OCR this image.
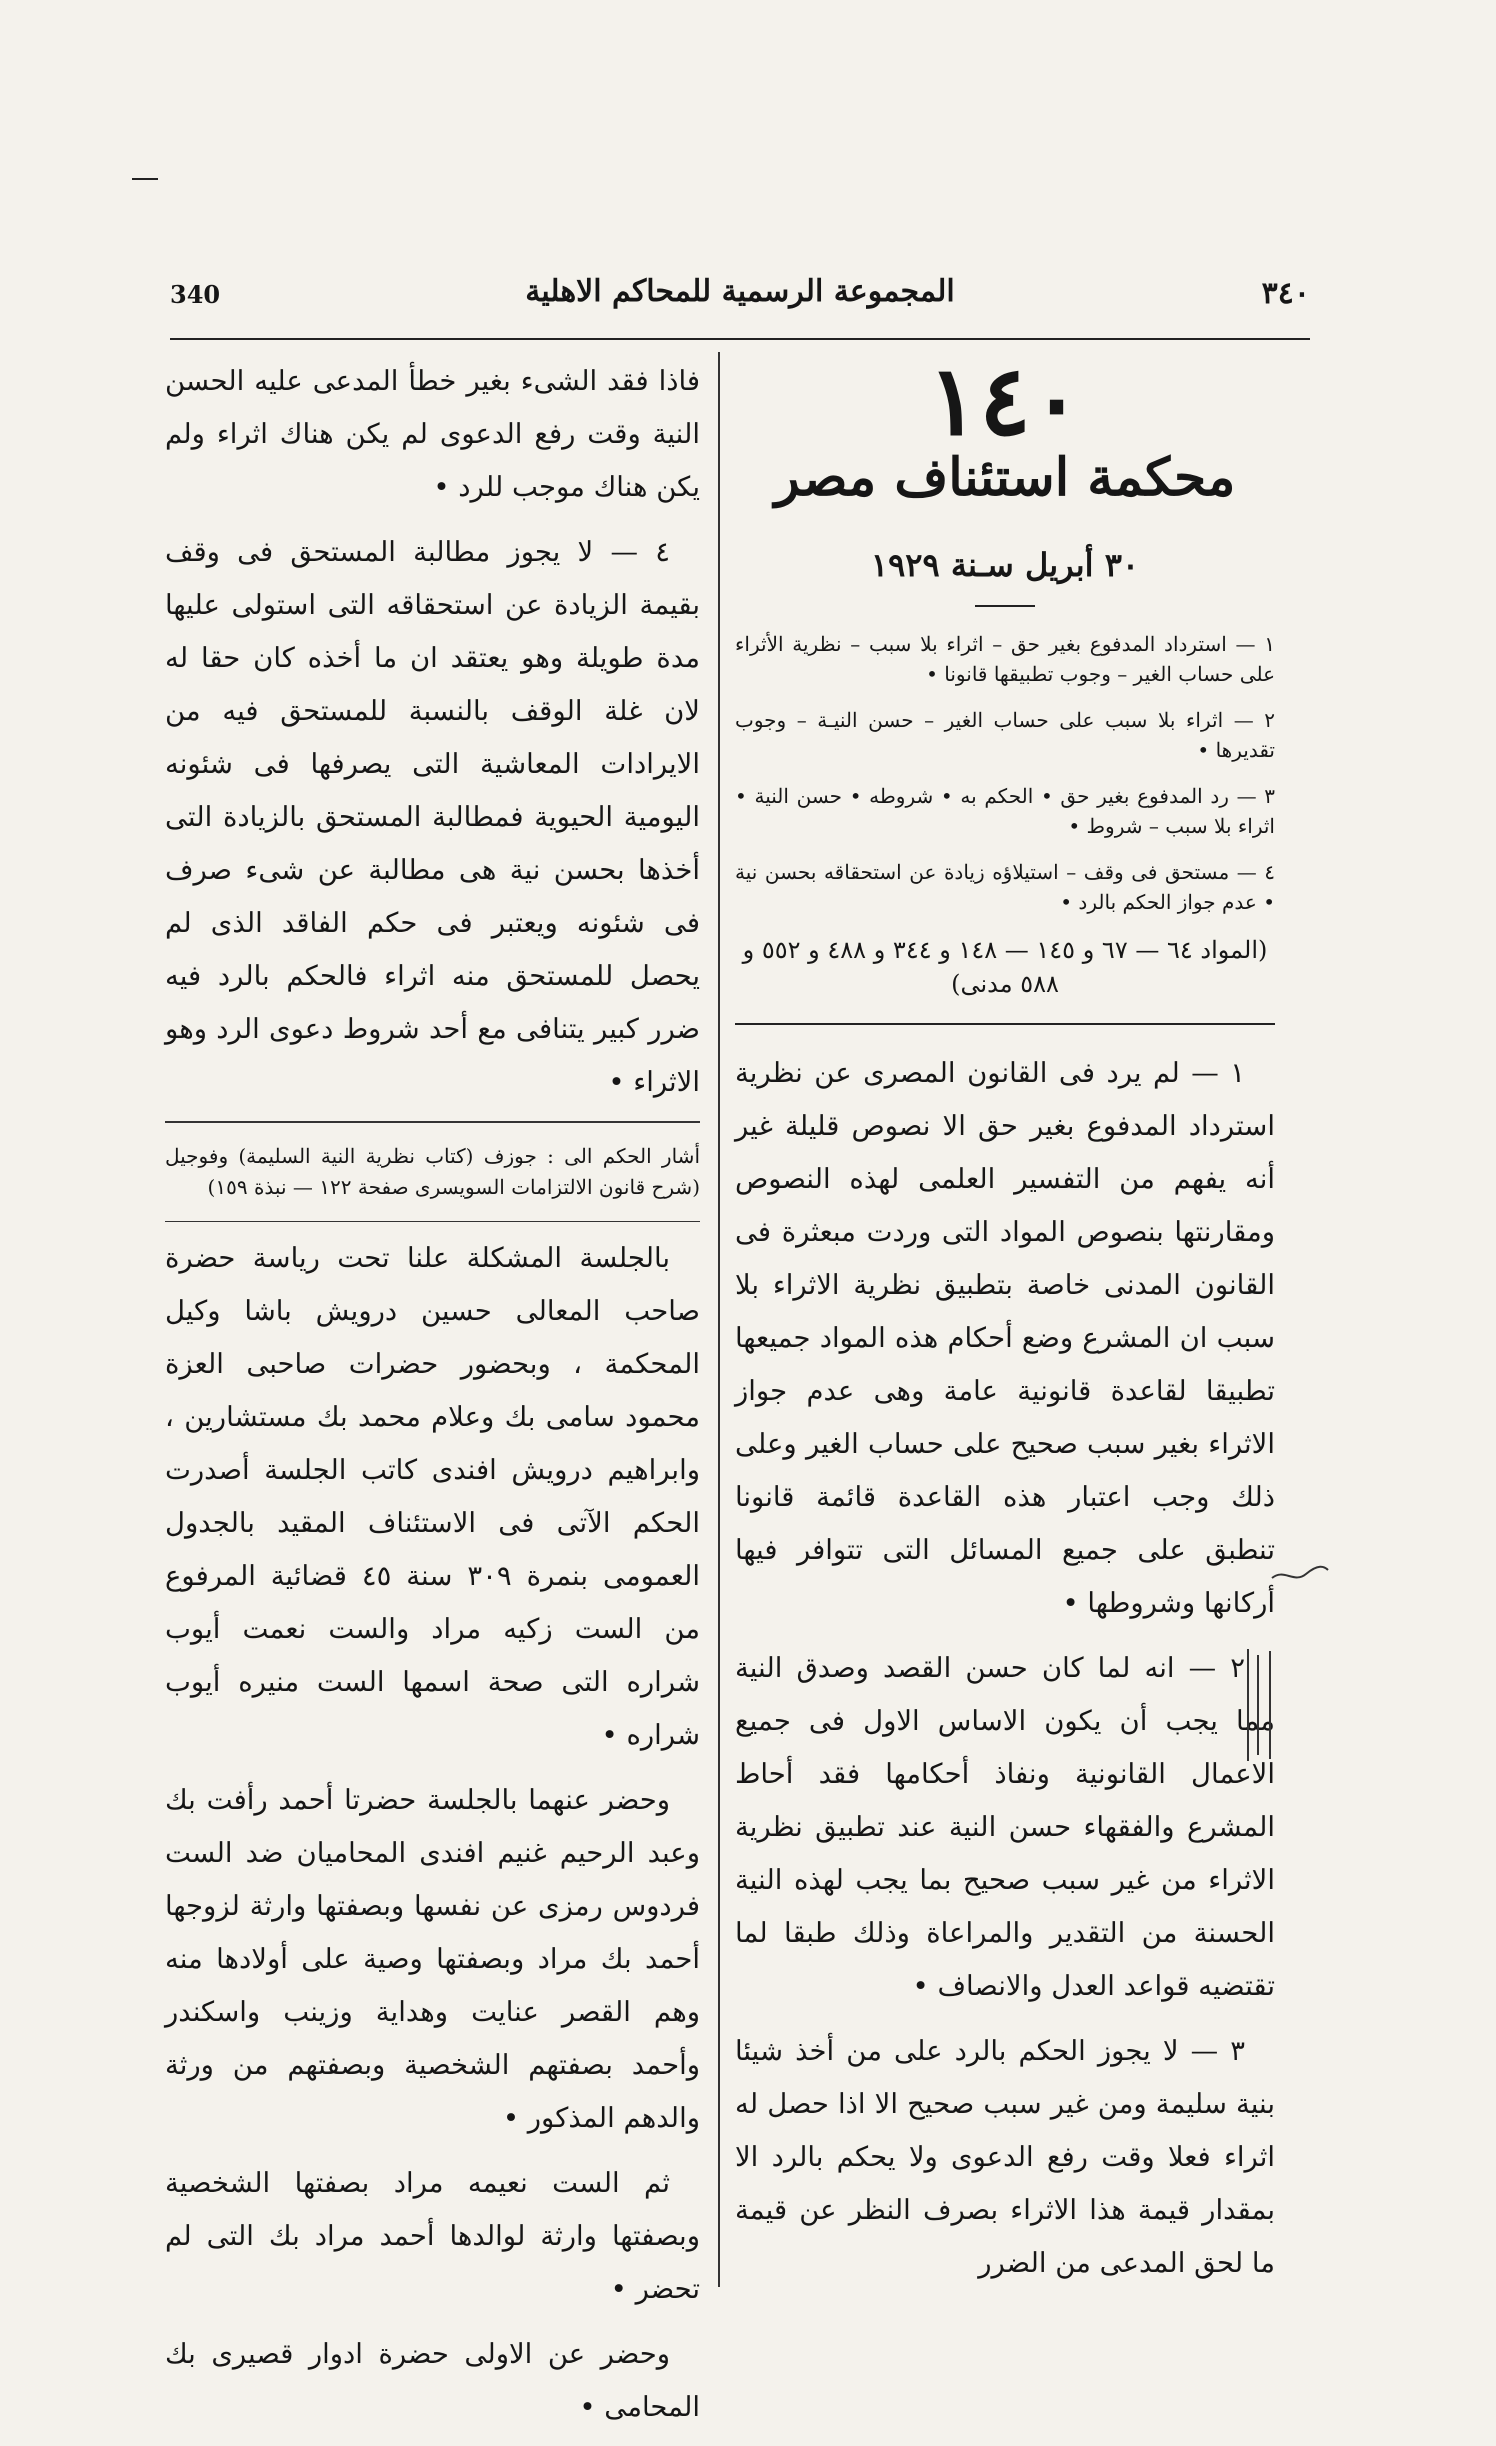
٣٤٠
المجموعة الرسمية للمحاكم الاهلية
340

١٤٠

محكمة استئناف مصر

٣٠ أبريل سـنة ١٩٢٩

١ — استرداد المدفوع بغير حق – اثراء بلا سبب – نظرية الأثراء على حساب الغير – وجوب تطبيقها قانونا •

٢ — اثراء بلا سبب على حساب الغير – حسن النيـة – وجوب تقديرها •

٣ — رد المدفوع بغير حق • الحكم به • شروطه • حسن النية • اثراء بلا سبب – شروط •

٤ — مستحق فى وقف – استيلاؤه زيادة عن استحقاقه بحسن نية • عدم جواز الحكم بالرد •

(المواد ٦٤ — ٦٧ و ١٤٥ — ١٤٨ و ٣٤٤ و ٤٨٨ و ٥٥٢ و ٥٨٨ مدنى)

١ — لم يرد فى القانون المصرى عن نظرية استرداد المدفوع بغير حق الا نصوص قليلة غير أنه يفهم من التفسير العلمى لهذه النصوص ومقارنتها بنصوص المواد التى وردت مبعثرة فى القانون المدنى خاصة بتطبيق نظرية الاثراء بلا سبب ان المشرع وضع أحكام هذه المواد جميعها تطبيقا لقاعدة قانونية عامة وهى عدم جواز الاثراء بغير سبب صحيح على حساب الغير وعلى ذلك وجب اعتبار هذه القاعدة قائمة قانونا تنطبق على جميع المسائل التى تتوافر فيها أركانها وشروطها •

٢ — انه لما كان حسن القصد وصدق النية مما يجب أن يكون الاساس الاول فى جميع الاعمال القانونية ونفاذ أحكامها فقد أحاط المشرع والفقهاء حسن النية عند تطبيق نظرية الاثراء من غير سبب صحيح بما يجب لهذه النية الحسنة من التقدير والمراعاة وذلك طبقا لما تقتضيه قواعد العدل والانصاف •

٣ — لا يجوز الحكم بالرد على من أخذ شيئا بنية سليمة ومن غير سبب صحيح الا اذا حصل له اثراء فعلا وقت رفع الدعوى ولا يحكم بالرد الا بمقدار قيمة هذا الاثراء بصرف النظر عن قيمة ما لحق المدعى من الضرر

فاذا فقد الشىء بغير خطأ المدعى عليه الحسن النية وقت رفع الدعوى لم يكن هناك اثراء ولم يكن هناك موجب للرد •

٤ — لا يجوز مطالبة المستحق فى وقف بقيمة الزيادة عن استحقاقه التى استولى عليها مدة طويلة وهو يعتقد ان ما أخذه كان حقا له لان غلة الوقف بالنسبة للمستحق فيه من الايرادات المعاشية التى يصرفها فى شئونه اليومية الحيوية فمطالبة المستحق بالزيادة التى أخذها بحسن نية هى مطالبة عن شىء صرف فى شئونه ويعتبر فى حكم الفاقد الذى لم يحصل للمستحق منه اثراء فالحكم بالرد فيه ضرر كبير يتنافى مع أحد شروط دعوى الرد وهو الاثراء •

أشار الحكم الى : جوزف (كتاب نظرية النية السليمة) وفوجيل (شرح قانون الالتزامات السويسرى صفحة ١٢٢ — نبذة ١٥٩)

بالجلسة المشكلة علنا تحت رياسة حضرة صاحب المعالى حسين درويش باشا وكيل المحكمة ، وبحضور حضرات صاحبى العزة محمود سامى بك وعلام محمد بك مستشارين ، وابراهيم درويش افندى كاتب الجلسة أصدرت الحكم الآتى فى الاستئناف المقيد بالجدول العمومى بنمرة ٣٠٩ سنة ٤٥ قضائية المرفوع من الست زكيه مراد والست نعمت أيوب شراره التى صحة اسمها الست منيره أيوب شراره •

وحضر عنهما بالجلسة حضرتا أحمد رأفت بك وعبد الرحيم غنيم افندى المحاميان ضد الست فردوس رمزى عن نفسها وبصفتها وارثة لزوجها أحمد بك مراد وبصفتها وصية على أولادها منه وهم القصر عنايت وهداية وزينب واسكندر وأحمد بصفتهم الشخصية وبصفتهم من ورثة والدهم المذكور •

ثم الست نعيمه مراد بصفتها الشخصية وبصفتها وارثة لوالدها أحمد مراد بك التى لم تحضر •

وحضر عن الاولى حضرة ادوار قصيرى بك المحامى •
